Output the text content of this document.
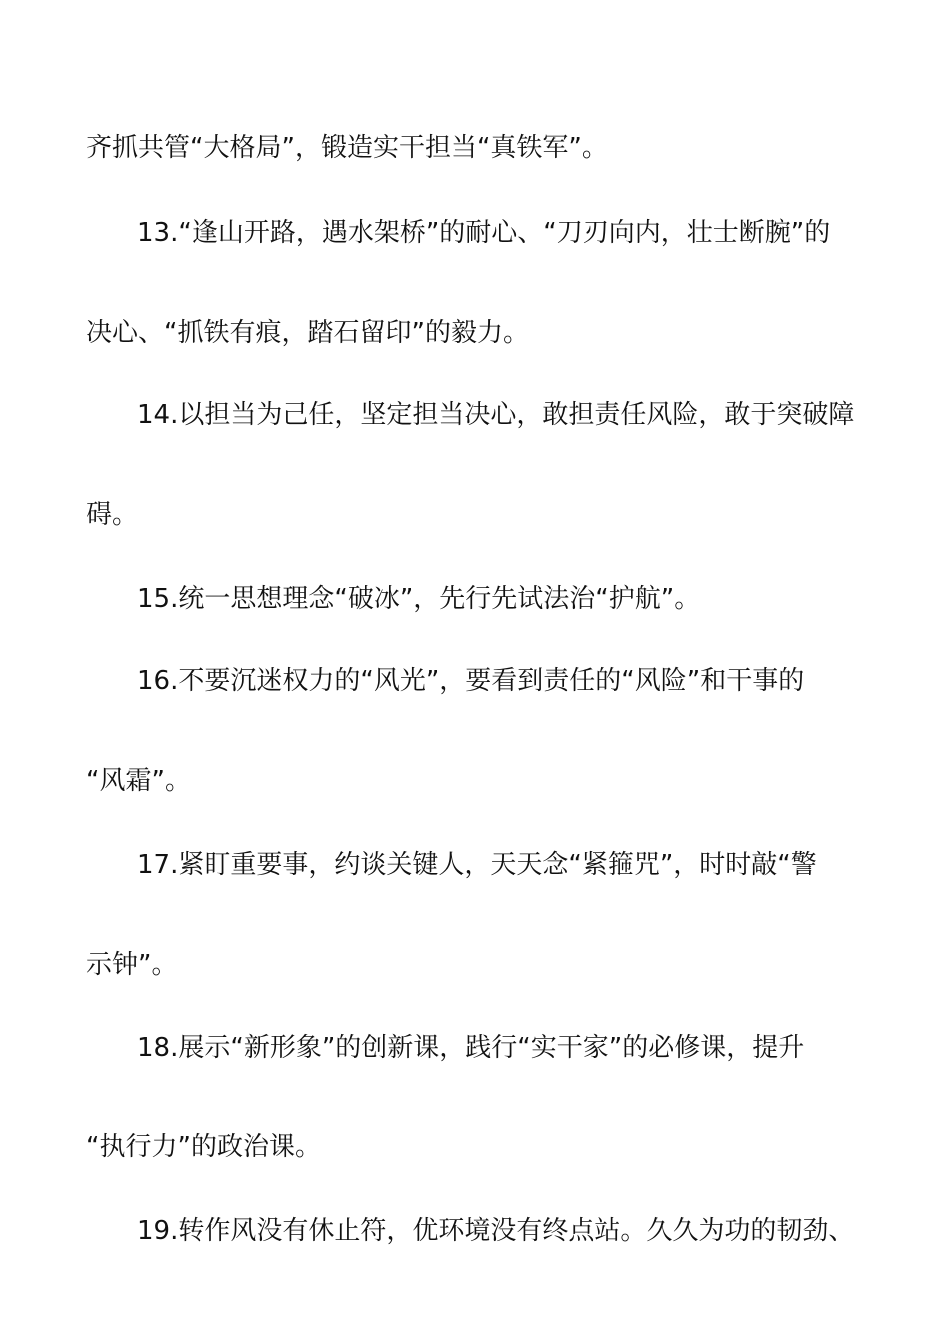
齐抓共管“大格局”，锻造实干担当“真铁军”。
13.“逢山开路，遇水架桥”的耐心、“刀刃向内，壮士断腕”的
决心、“抓铁有痕，踏石留印”的毅力。
14.以担当为己任，坚定担当决心，敢担责任风险，敢于突破障
碍。
15.统一思想理念“破冰”，先行先试法治“护航”。
16.不要沉迷权力的“风光”，要看到责任的“风险”和干事的
“风霜”。
17.紧盯重要事，约谈关键人，天天念“紧箍咒”，时时敲“警
示钟”。
18.展示“新形象”的创新课，践行“实干家”的必修课，提升
“执行力”的政治课。
19.转作风没有休止符，优环境没有终点站。久久为功的韧劲、
